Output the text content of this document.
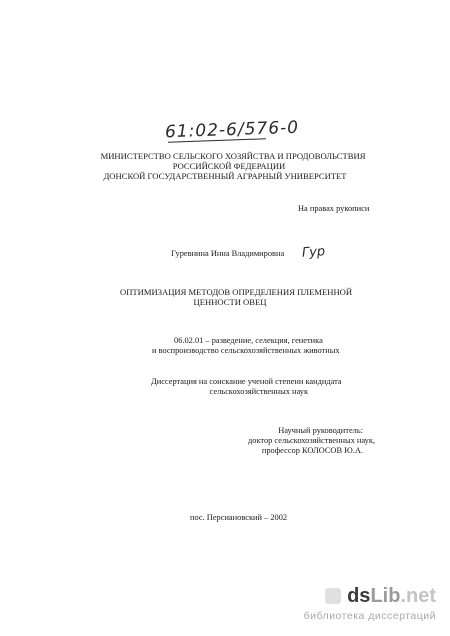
61:02-6/576-0
МИНИСТЕРСТВО СЕЛЬСКОГО ХОЗЯЙСТВА И ПРОДОВОЛЬСТВИЯ
РОССИЙСКОЙ ФЕДЕРАЦИИ
ДОНСКОЙ ГОСУДАРСТВЕННЫЙ АГРАРНЫЙ УНИВЕРСИТЕТ
На правах рукописи
Гуревнина Инна Владимировна Гур
ОПТИМИЗАЦИЯ МЕТОДОВ ОПРЕДЕЛЕНИЯ ПЛЕМЕННОЙ
ЦЕННОСТИ ОВЕЦ
06.02.01 – разведение, селекция, генетика
и воспроизводство сельскохозяйственных животных
Диссертация на соискание ученой степени кандидата
сельскохозяйственных наук
Научный руководитель:
доктор сельскохозяйственных наук,
профессор КОЛОСОВ Ю.А.
пос. Персиановский – 2002
ds Lib .net
библиотека диссертаций
